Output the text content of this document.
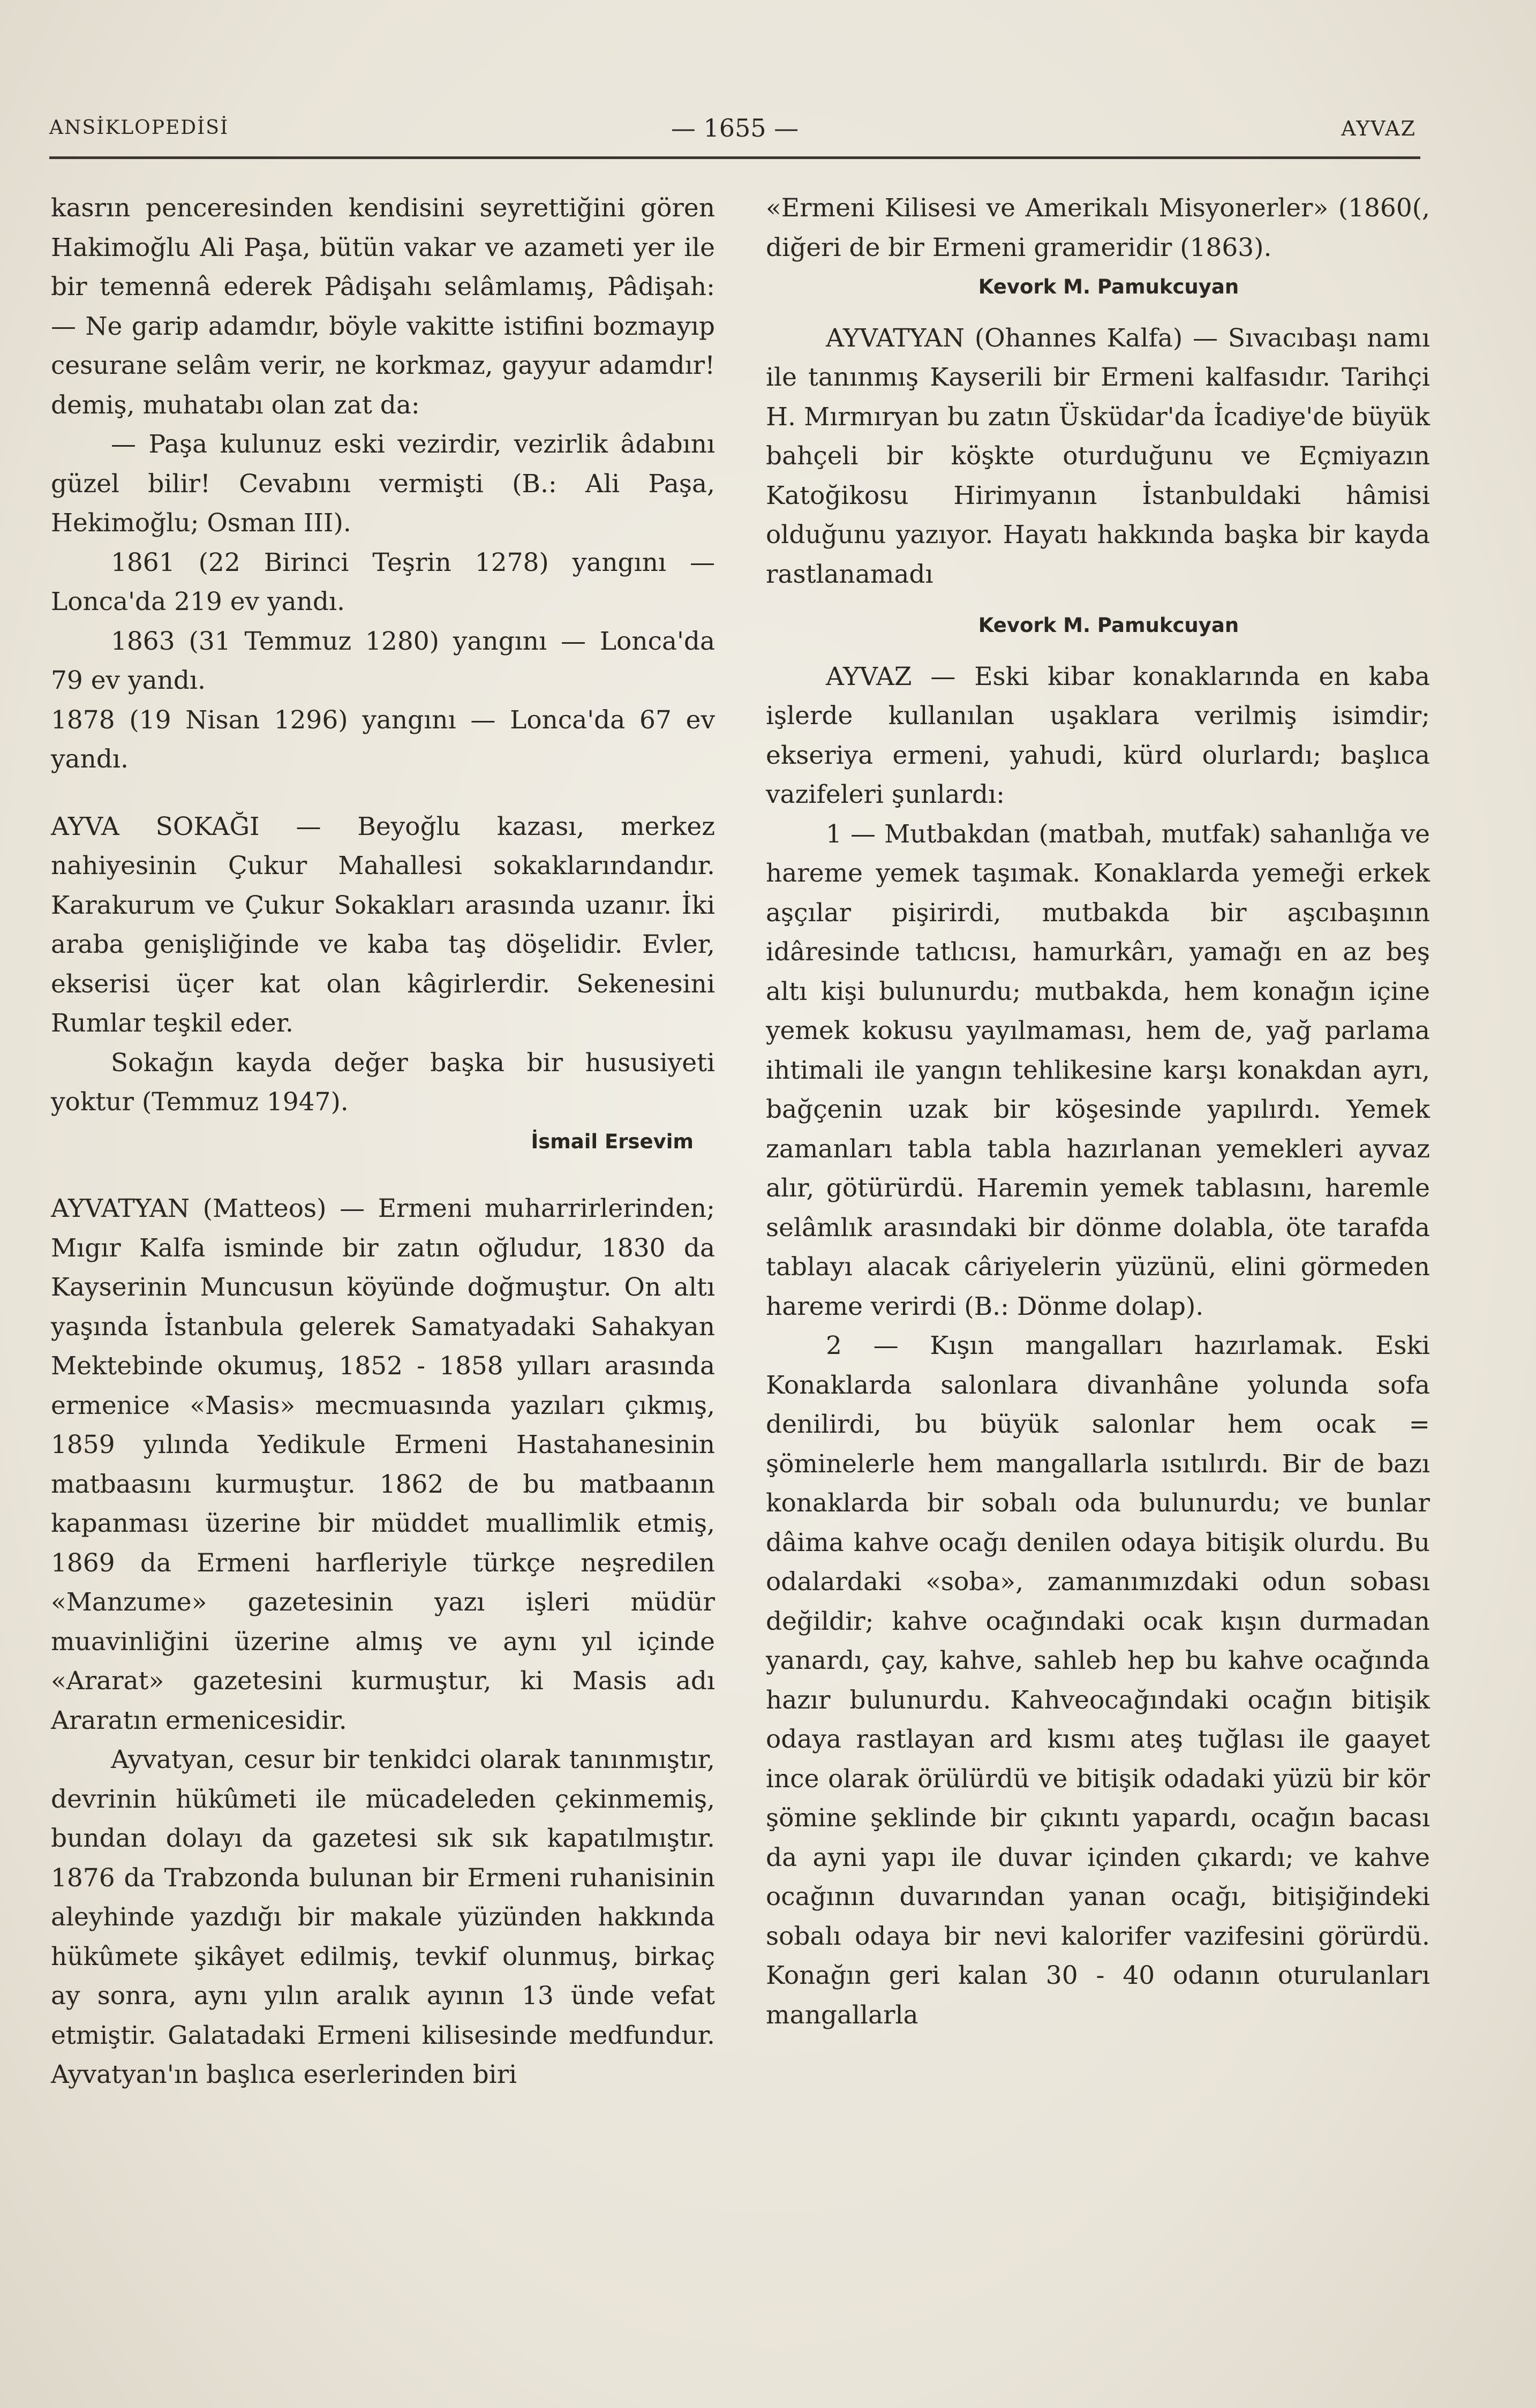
ANSİKLOPEDİSİ	— 1655 —	AYVAZ

kasrın penceresinden kendisini seyrettiğini gören Hakimoğlu Ali Paşa, bütün vakar ve azameti yer ile bir temennâ ederek Pâdişahı selâmlamış, Pâdişah: — Ne garip adamdır, böyle vakitte istifini bozmayıp cesurane selâm verir, ne korkmaz, gayyur adamdır! demiş, muhatabı olan zat da:

— Paşa kulunuz eski vezirdir, vezirlik âdabını güzel bilir! Cevabını vermişti (B.: Ali Paşa, Hekimoğlu; Osman III).

1861 (22 Birinci Teşrin 1278) yangını — Lonca'da 219 ev yandı.

1863 (31 Temmuz 1280) yangını — Lonca'da 79 ev yandı.

1878 (19 Nisan 1296) yangını — Lonca'da 67 ev yandı.

AYVA SOKAĞI — Beyoğlu kazası, merkez nahiyesinin Çukur Mahallesi sokaklarındandır. Karakurum ve Çukur Sokakları arasında uzanır. İki araba genişliğinde ve kaba taş döşelidir. Evler, ekserisi üçer kat olan kâgirlerdir. Sekenesini Rumlar teşkil eder.

Sokağın kayda değer başka bir hususiyeti yoktur (Temmuz 1947).

İsmail Ersevim

AYVATYAN (Matteos) — Ermeni muharrirlerinden; Mıgır Kalfa isminde bir zatın oğludur, 1830 da Kayserinin Muncusun köyünde doğmuştur. On altı yaşında İstanbula gelerek Samatyadaki Sahakyan Mektebinde okumuş, 1852 - 1858 yılları arasında ermenice «Masis» mecmuasında yazıları çıkmış, 1859 yılında Yedikule Ermeni Hastahanesinin matbaasını kurmuştur. 1862 de bu matbaanın kapanması üzerine bir müddet muallimlik etmiş, 1869 da Ermeni harfleriyle türkçe neşredilen «Manzume» gazetesinin yazı işleri müdür muavinliğini üzerine almış ve aynı yıl içinde «Ararat» gazetesini kurmuştur, ki Masis adı Araratın ermenicesidir.

Ayvatyan, cesur bir tenkidci olarak tanınmıştır, devrinin hükûmeti ile mücadeleden çekinmemiş, bundan dolayı da gazetesi sık sık kapatılmıştır. 1876 da Trabzonda bulunan bir Ermeni ruhanisinin aleyhinde yazdığı bir makale yüzünden hakkında hükûmete şikâyet edilmiş, tevkif olunmuş, birkaç ay sonra, aynı yılın aralık ayının 13 ünde vefat etmiştir. Galatadaki Ermeni kilisesinde medfundur. Ayvatyan'ın başlıca eserlerinden biri

«Ermeni Kilisesi ve Amerikalı Misyonerler» (1860(, diğeri de bir Ermeni grameridir (1863).

Kevork M. Pamukcuyan

AYVATYAN (Ohannes Kalfa) — Sıvacıbaşı namı ile tanınmış Kayserili bir Ermeni kalfasıdır. Tarihçi H. Mırmıryan bu zatın Üsküdar'da İcadiye'de büyük bahçeli bir köşkte oturduğunu ve Eçmiyazın Katoğikosu Hirimyanın İstanbuldaki hâmisi olduğunu yazıyor. Hayatı hakkında başka bir kayda rastlanamadı

Kevork M. Pamukcuyan

AYVAZ — Eski kibar konaklarında en kaba işlerde kullanılan uşaklara verilmiş isimdir; ekseriya ermeni, yahudi, kürd olurlardı; başlıca vazifeleri şunlardı:

1 — Mutbakdan (matbah, mutfak) sahanlığa ve hareme yemek taşımak. Konaklarda yemeği erkek aşçılar pişirirdi, mutbakda bir aşcıbaşının idâresinde tatlıcısı, hamurkârı, yamağı en az beş altı kişi bulunurdu; mutbakda, hem konağın içine yemek kokusu yayılmaması, hem de, yağ parlama ihtimali ile yangın tehlikesine karşı konakdan ayrı, bağçenin uzak bir köşesinde yapılırdı. Yemek zamanları tabla tabla hazırlanan yemekleri ayvaz alır, götürürdü. Haremin yemek tablasını, haremle selâmlık arasındaki bir dönme dolabla, öte tarafda tablayı alacak câriyelerin yüzünü, elini görmeden hareme verirdi (B.: Dönme dolap).

2 — Kışın mangalları hazırlamak. Eski Konaklarda salonlara divanhâne yolunda sofa denilirdi, bu büyük salonlar hem ocak = şöminelerle hem mangallarla ısıtılırdı. Bir de bazı konaklarda bir sobalı oda bulunurdu; ve bunlar dâima kahve ocağı denilen odaya bitişik olurdu. Bu odalardaki «soba», zamanımızdaki odun sobası değildir; kahve ocağındaki ocak kışın durmadan yanardı, çay, kahve, sahleb hep bu kahve ocağında hazır bulunurdu. Kahveocağındaki ocağın bitişik odaya rastlayan ard kısmı ateş tuğlası ile gaayet ince olarak örülürdü ve bitişik odadaki yüzü bir kör şömine şeklinde bir çıkıntı yapardı, ocağın bacası da ayni yapı ile duvar içinden çıkardı; ve kahve ocağının duvarından yanan ocağı, bitişiğindeki sobalı odaya bir nevi kalorifer vazifesini görürdü. Konağın geri kalan 30 - 40 odanın oturulanları mangallarla
